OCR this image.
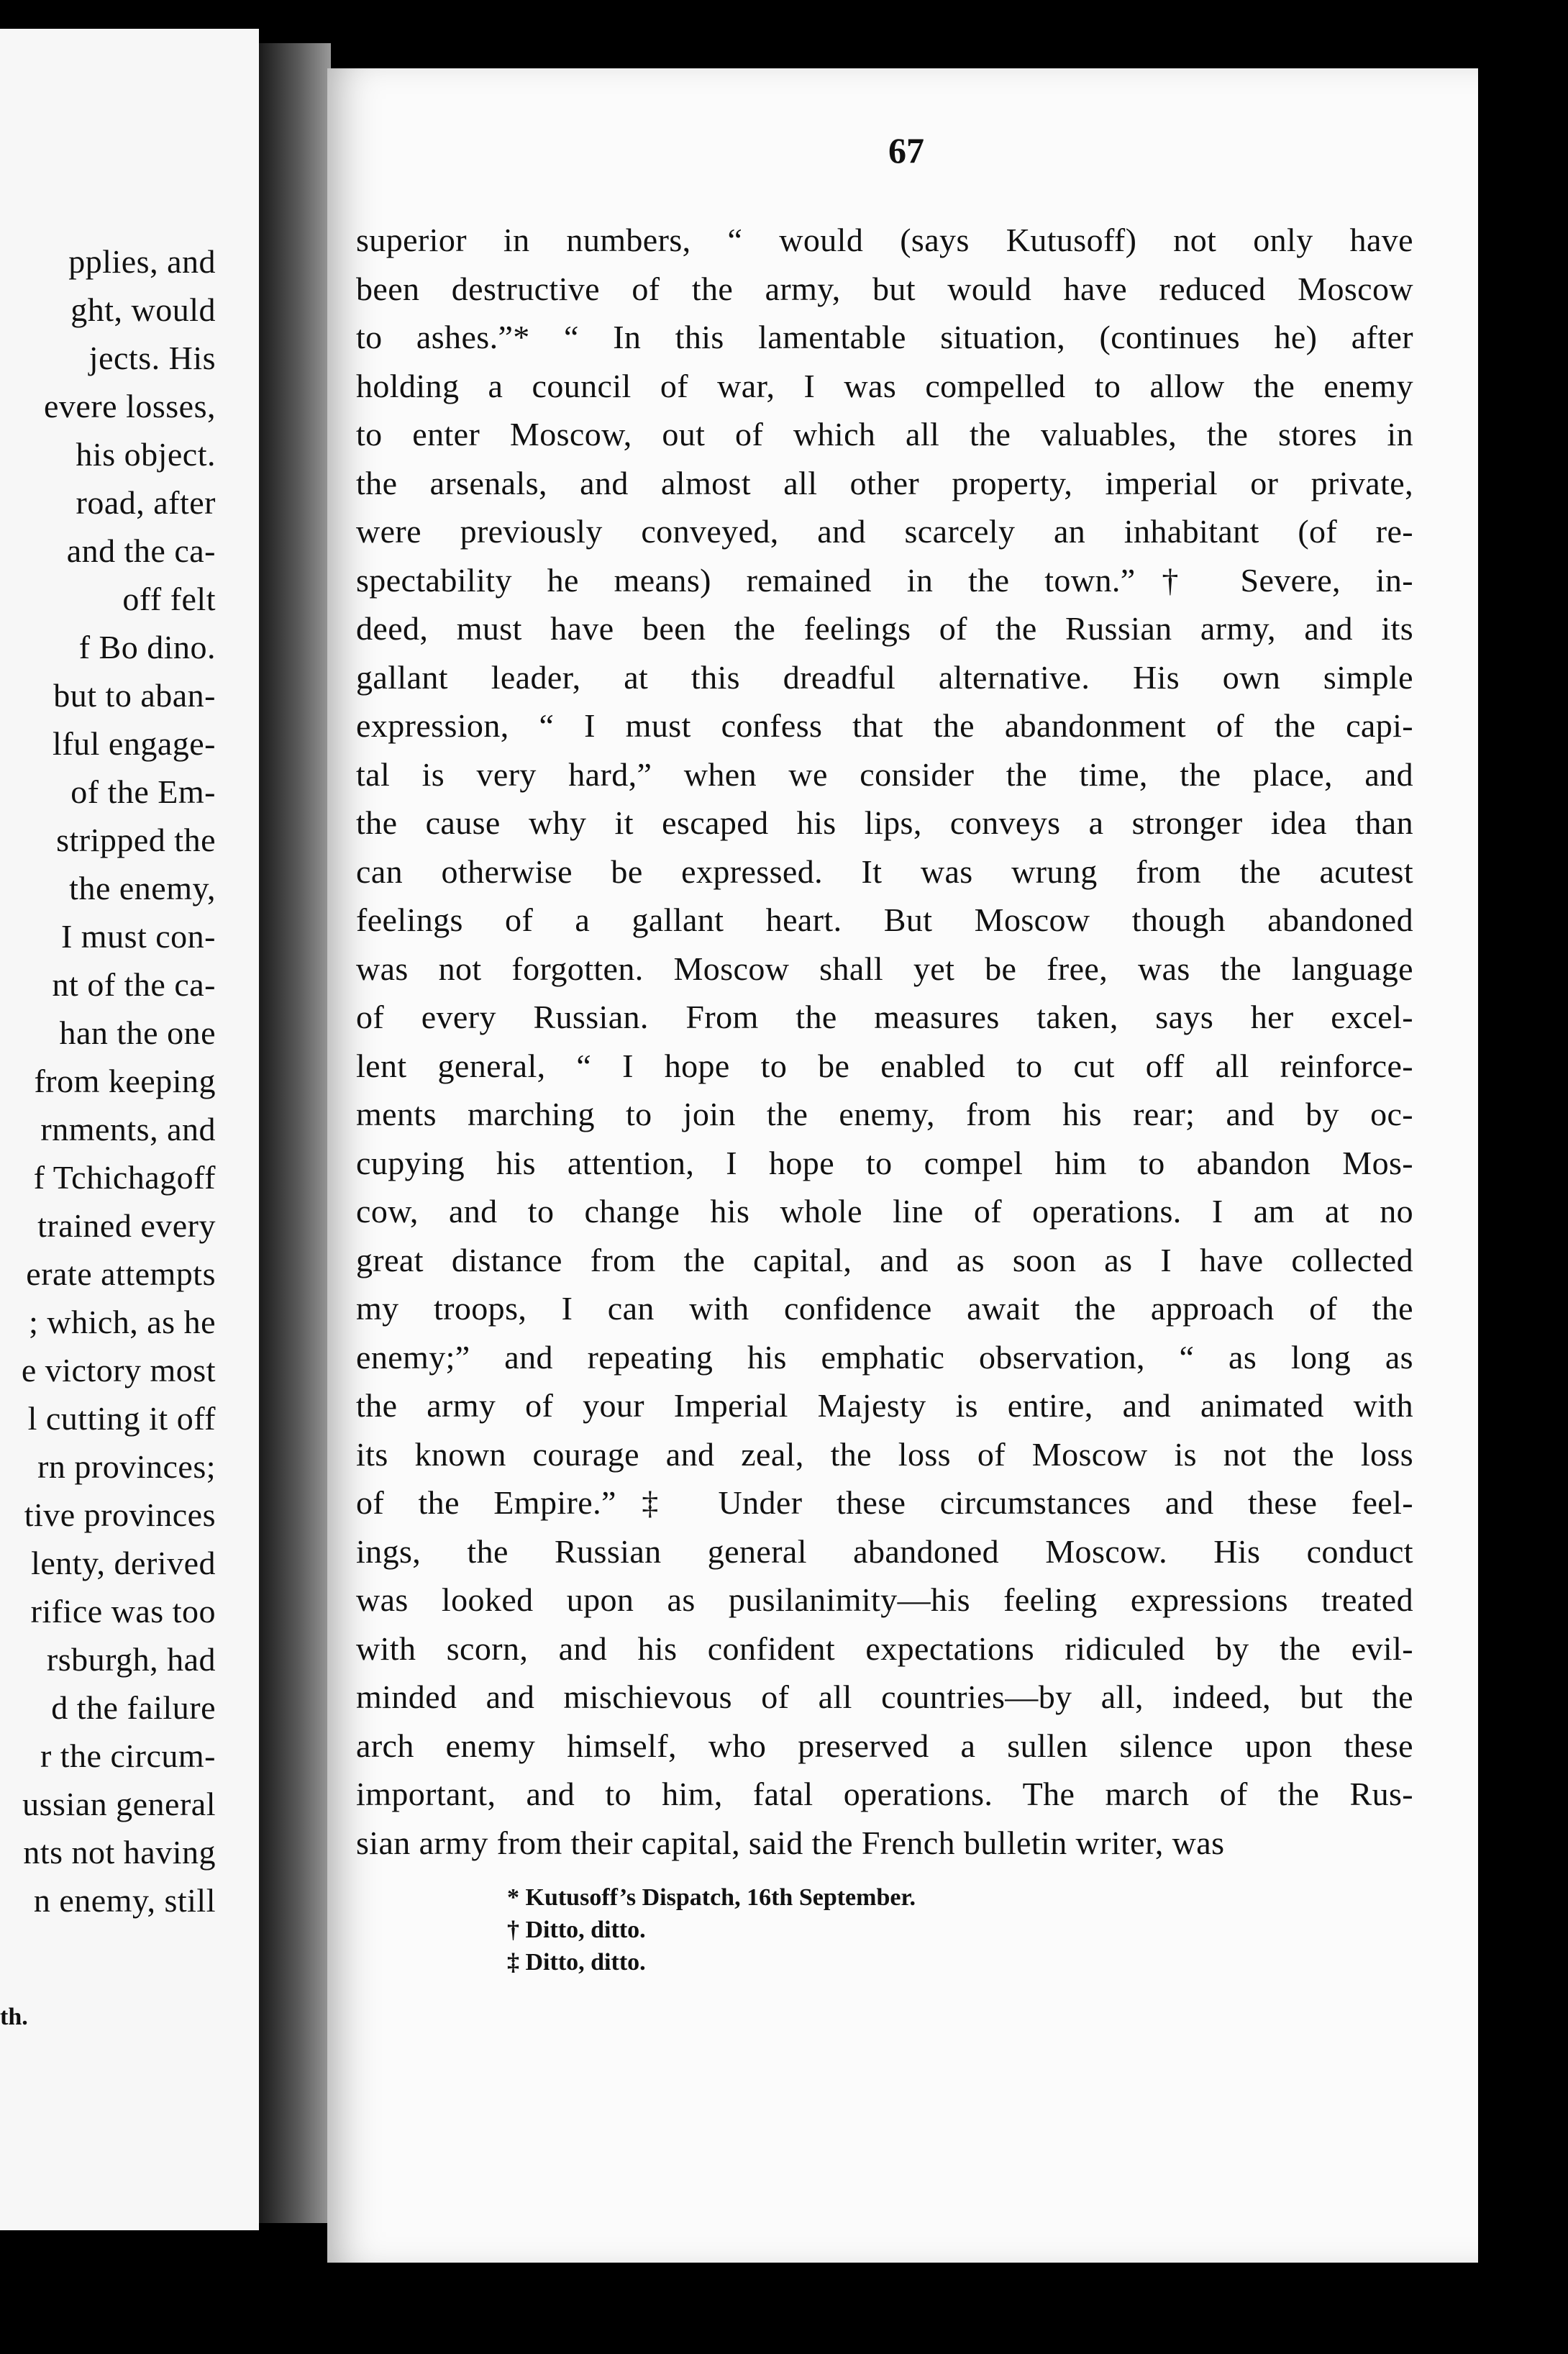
pplies, and
ght, would
jects. His
evere losses,
his object.
road, after
and the ca-
off felt
f Bo dino.
but to aban-
lful engage-
of the Em-
stripped the
the enemy,
I must con-
nt of the ca-
han the one
from keeping
rnments, and
f Tchichagoff
trained every
erate attempts
; which, as he
e victory most
l cutting it off
rn provinces;
tive provinces
lenty, derived
rifice was too
rsburgh, had
d the failure
r the circum-
ussian general
nts not having
n enemy, still
th.
67
superior in numbers, “ would (says Kutusoff) not only have
been destructive of the army, but would have reduced Moscow
to ashes.”* “ In this lamentable situation, (continues he) after
holding a council of war, I was compelled to allow the enemy
to enter Moscow, out of which all the valuables, the stores in
the arsenals, and almost all other property, imperial or private,
were previously conveyed, and scarcely an inhabitant (of re-
spectability he means) remained in the town.”† Severe, in-
deed, must have been the feelings of the Russian army, and its
gallant leader, at this dreadful alternative. His own simple
expression, “ I must confess that the abandonment of the capi-
tal is very hard,” when we consider the time, the place, and
the cause why it escaped his lips, conveys a stronger idea than
can otherwise be expressed. It was wrung from the acutest
feelings of a gallant heart. But Moscow though abandoned
was not forgotten. Moscow shall yet be free, was the language
of every Russian. From the measures taken, says her excel-
lent general, “ I hope to be enabled to cut off all reinforce-
ments marching to join the enemy, from his rear; and by oc-
cupying his attention, I hope to compel him to abandon Mos-
cow, and to change his whole line of operations. I am at no
great distance from the capital, and as soon as I have collected
my troops, I can with confidence await the approach of the
enemy;” and repeating his emphatic observation, “ as long as
the army of your Imperial Majesty is entire, and animated with
its known courage and zeal, the loss of Moscow is not the loss
of the Empire.”‡ Under these circumstances and these feel-
ings, the Russian general abandoned Moscow. His conduct
was looked upon as pusilanimity—his feeling expressions treated
with scorn, and his confident expectations ridiculed by the evil-
minded and mischievous of all countries—by all, indeed, but the
arch enemy himself, who preserved a sullen silence upon these
important, and to him, fatal operations. The march of the Rus-
sian army from their capital, said the French bulletin writer, was
* Kutusoff’s Dispatch, 16th September.
† Ditto, ditto.
‡ Ditto, ditto.
